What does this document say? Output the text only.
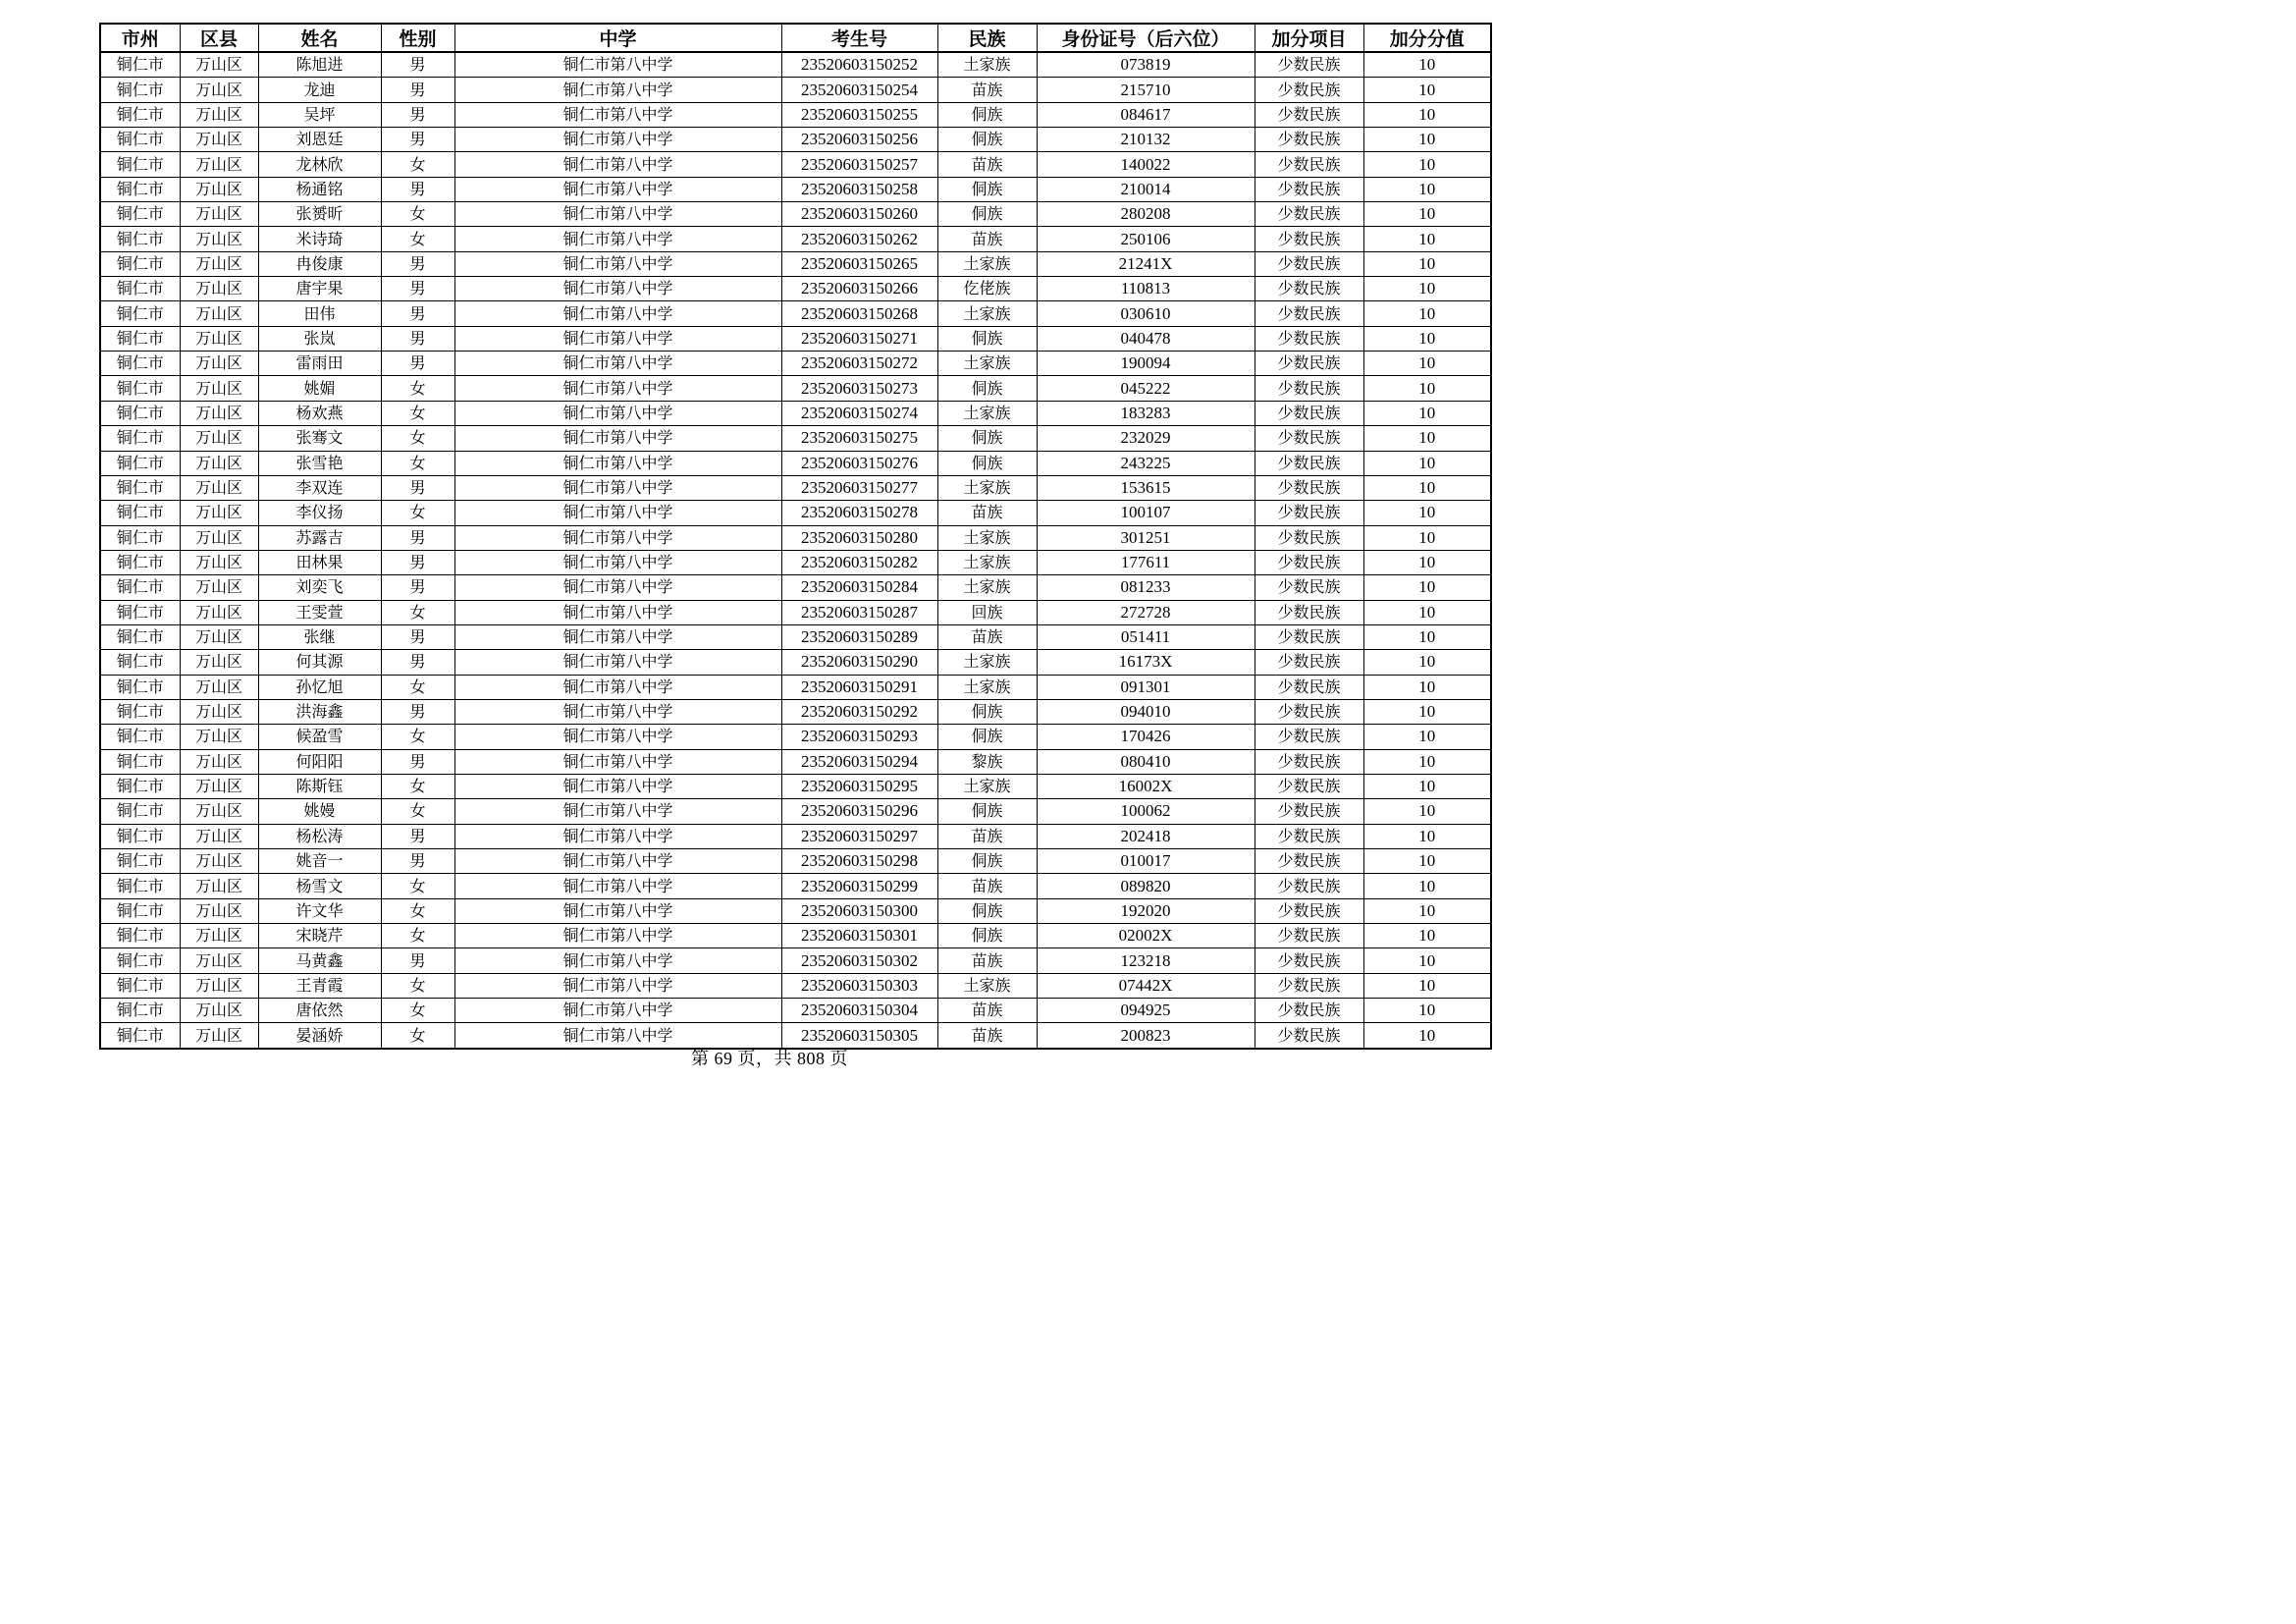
市州	区县	姓名	性别	中学	考生号	民族	身份证号（后六位）	加分项目	加分分值
铜仁市	万山区	陈旭进	男	铜仁市第八中学	23520603150252	土家族	073819	少数民族	10
铜仁市	万山区	龙迪	男	铜仁市第八中学	23520603150254	苗族	215710	少数民族	10
铜仁市	万山区	吴坪	男	铜仁市第八中学	23520603150255	侗族	084617	少数民族	10
铜仁市	万山区	刘恩廷	男	铜仁市第八中学	23520603150256	侗族	210132	少数民族	10
铜仁市	万山区	龙林欣	女	铜仁市第八中学	23520603150257	苗族	140022	少数民族	10
铜仁市	万山区	杨通铭	男	铜仁市第八中学	23520603150258	侗族	210014	少数民族	10
铜仁市	万山区	张赟昕	女	铜仁市第八中学	23520603150260	侗族	280208	少数民族	10
铜仁市	万山区	米诗琦	女	铜仁市第八中学	23520603150262	苗族	250106	少数民族	10
铜仁市	万山区	冉俊康	男	铜仁市第八中学	23520603150265	土家族	21241X	少数民族	10
铜仁市	万山区	唐宇果	男	铜仁市第八中学	23520603150266	仡佬族	110813	少数民族	10
铜仁市	万山区	田伟	男	铜仁市第八中学	23520603150268	土家族	030610	少数民族	10
铜仁市	万山区	张岚	男	铜仁市第八中学	23520603150271	侗族	040478	少数民族	10
铜仁市	万山区	雷雨田	男	铜仁市第八中学	23520603150272	土家族	190094	少数民族	10
铜仁市	万山区	姚媚	女	铜仁市第八中学	23520603150273	侗族	045222	少数民族	10
铜仁市	万山区	杨欢燕	女	铜仁市第八中学	23520603150274	土家族	183283	少数民族	10
铜仁市	万山区	张骞文	女	铜仁市第八中学	23520603150275	侗族	232029	少数民族	10
铜仁市	万山区	张雪艳	女	铜仁市第八中学	23520603150276	侗族	243225	少数民族	10
铜仁市	万山区	李双连	男	铜仁市第八中学	23520603150277	土家族	153615	少数民族	10
铜仁市	万山区	李仪扬	女	铜仁市第八中学	23520603150278	苗族	100107	少数民族	10
铜仁市	万山区	苏露吉	男	铜仁市第八中学	23520603150280	土家族	301251	少数民族	10
铜仁市	万山区	田林果	男	铜仁市第八中学	23520603150282	土家族	177611	少数民族	10
铜仁市	万山区	刘奕飞	男	铜仁市第八中学	23520603150284	土家族	081233	少数民族	10
铜仁市	万山区	王雯萱	女	铜仁市第八中学	23520603150287	回族	272728	少数民族	10
铜仁市	万山区	张继	男	铜仁市第八中学	23520603150289	苗族	051411	少数民族	10
铜仁市	万山区	何其源	男	铜仁市第八中学	23520603150290	土家族	16173X	少数民族	10
铜仁市	万山区	孙忆旭	女	铜仁市第八中学	23520603150291	土家族	091301	少数民族	10
铜仁市	万山区	洪海鑫	男	铜仁市第八中学	23520603150292	侗族	094010	少数民族	10
铜仁市	万山区	候盈雪	女	铜仁市第八中学	23520603150293	侗族	170426	少数民族	10
铜仁市	万山区	何阳阳	男	铜仁市第八中学	23520603150294	黎族	080410	少数民族	10
铜仁市	万山区	陈斯钰	女	铜仁市第八中学	23520603150295	土家族	16002X	少数民族	10
铜仁市	万山区	姚嫚	女	铜仁市第八中学	23520603150296	侗族	100062	少数民族	10
铜仁市	万山区	杨松涛	男	铜仁市第八中学	23520603150297	苗族	202418	少数民族	10
铜仁市	万山区	姚音一	男	铜仁市第八中学	23520603150298	侗族	010017	少数民族	10
铜仁市	万山区	杨雪文	女	铜仁市第八中学	23520603150299	苗族	089820	少数民族	10
铜仁市	万山区	许文华	女	铜仁市第八中学	23520603150300	侗族	192020	少数民族	10
铜仁市	万山区	宋晓芹	女	铜仁市第八中学	23520603150301	侗族	02002X	少数民族	10
铜仁市	万山区	马黄鑫	男	铜仁市第八中学	23520603150302	苗族	123218	少数民族	10
铜仁市	万山区	王青霞	女	铜仁市第八中学	23520603150303	土家族	07442X	少数民族	10
铜仁市	万山区	唐依然	女	铜仁市第八中学	23520603150304	苗族	094925	少数民族	10
铜仁市	万山区	晏涵娇	女	铜仁市第八中学	23520603150305	苗族	200823	少数民族	10
第 69 页，共 808 页
